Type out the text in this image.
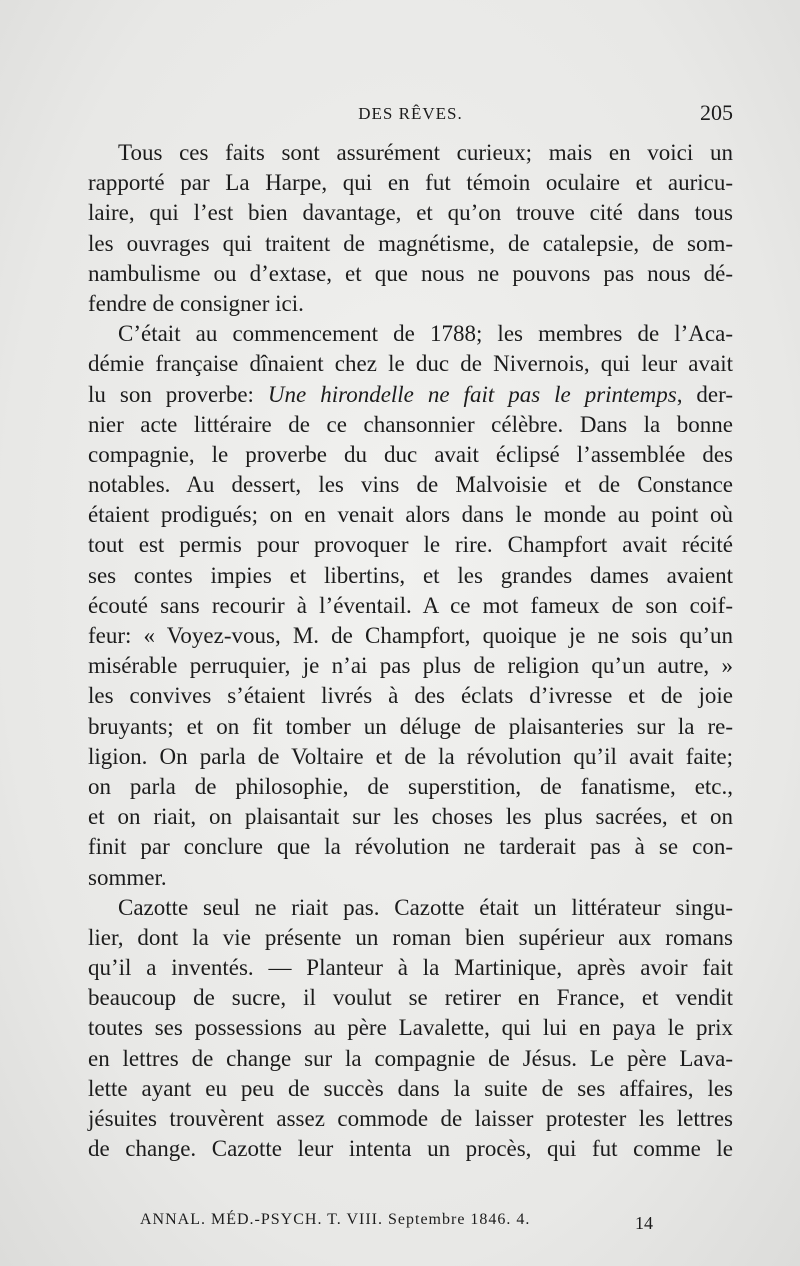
DES RÊVES.	205
Tous ces faits sont assurément curieux; mais en voici un
rapporté par La Harpe, qui en fut témoin oculaire et auricu-
laire, qui l’est bien davantage, et qu’on trouve cité dans tous
les ouvrages qui traitent de magnétisme, de catalepsie, de som-
nambulisme ou d’extase, et que nous ne pouvons pas nous dé-
fendre de consigner ici.
C’était au commencement de 1788; les membres de l’Aca-
démie française dînaient chez le duc de Nivernois, qui leur avait
lu son proverbe: Une hirondelle ne fait pas le printemps, der-
nier acte littéraire de ce chansonnier célèbre. Dans la bonne
compagnie, le proverbe du duc avait éclipsé l’assemblée des
notables. Au dessert, les vins de Malvoisie et de Constance
étaient prodigués; on en venait alors dans le monde au point où
tout est permis pour provoquer le rire. Champfort avait récité
ses contes impies et libertins, et les grandes dames avaient
écouté sans recourir à l’éventail. A ce mot fameux de son coif-
feur: « Voyez-vous, M. de Champfort, quoique je ne sois qu’un
misérable perruquier, je n’ai pas plus de religion qu’un autre, »
les convives s’étaient livrés à des éclats d’ivresse et de joie
bruyants; et on fit tomber un déluge de plaisanteries sur la re-
ligion. On parla de Voltaire et de la révolution qu’il avait faite;
on parla de philosophie, de superstition, de fanatisme, etc.,
et on riait, on plaisantait sur les choses les plus sacrées, et on
finit par conclure que la révolution ne tarderait pas à se con-
sommer.
Cazotte seul ne riait pas. Cazotte était un littérateur singu-
lier, dont la vie présente un roman bien supérieur aux romans
qu’il a inventés. — Planteur à la Martinique, après avoir fait
beaucoup de sucre, il voulut se retirer en France, et vendit
toutes ses possessions au père Lavalette, qui lui en paya le prix
en lettres de change sur la compagnie de Jésus. Le père Lava-
lette ayant eu peu de succès dans la suite de ses affaires, les
jésuites trouvèrent assez commode de laisser protester les lettres
de change. Cazotte leur intenta un procès, qui fut comme le
ANNAL. MÉD.-PSYCH. T. VIII. Septembre 1846. 4.	14
